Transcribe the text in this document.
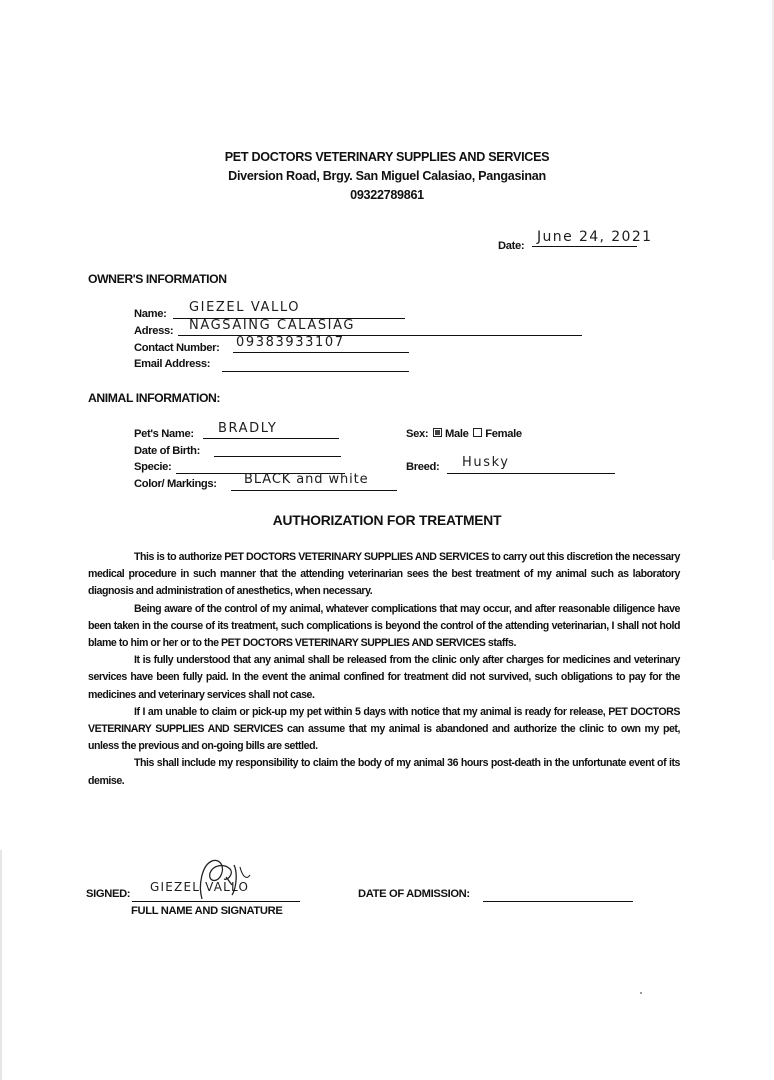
PET DOCTORS VETERINARY SUPPLIES AND SERVICES
Diversion Road, Brgy. San Miguel Calasiao, Pangasinan
09322789861
Date:
June 24, 2021
OWNER'S INFORMATION
Name: GIEZEL VALLO
Adress: NAGSAING CALASIAG
Contact Number: 09383933107
Email Address:
ANIMAL INFORMATION:
Pet's Name: BRADLY
Date of Birth:
Specie:
Color/ Markings: BLACK and white
Sex: Male Female
Breed: Husky
AUTHORIZATION FOR TREATMENT

This is to authorize PET DOCTORS VETERINARY SUPPLIES AND SERVICES to carry out this discretion the necessary medical procedure in such manner that the attending veterinarian sees the best treatment of my animal such as laboratory diagnosis and administration of anesthetics, when necessary.

Being aware of the control of my animal, whatever complications that may occur, and after reasonable diligence have been taken in the course of its treatment, such complications is beyond the control of the attending veterinarian, I shall not hold blame to him or her or to the PET DOCTORS VETERINARY SUPPLIES AND SERVICES staffs.

It is fully understood that any animal shall be released from the clinic only after charges for medicines and veterinary services have been fully paid. In the event the animal confined for treatment did not survived, such obligations to pay for the medicines and veterinary services shall not case.

If I am unable to claim or pick-up my pet within 5 days with notice that my animal is ready for release, PET DOCTORS VETERINARY SUPPLIES AND SERVICES can assume that my animal is abandoned and authorize the clinic to own my pet, unless the previous and on-going bills are settled.

This shall include my responsibility to claim the body of my animal 36 hours post-death in the unfortunate event of its demise.

SIGNED: GIEZEL VALLO
FULL NAME AND SIGNATURE
DATE OF ADMISSION:
